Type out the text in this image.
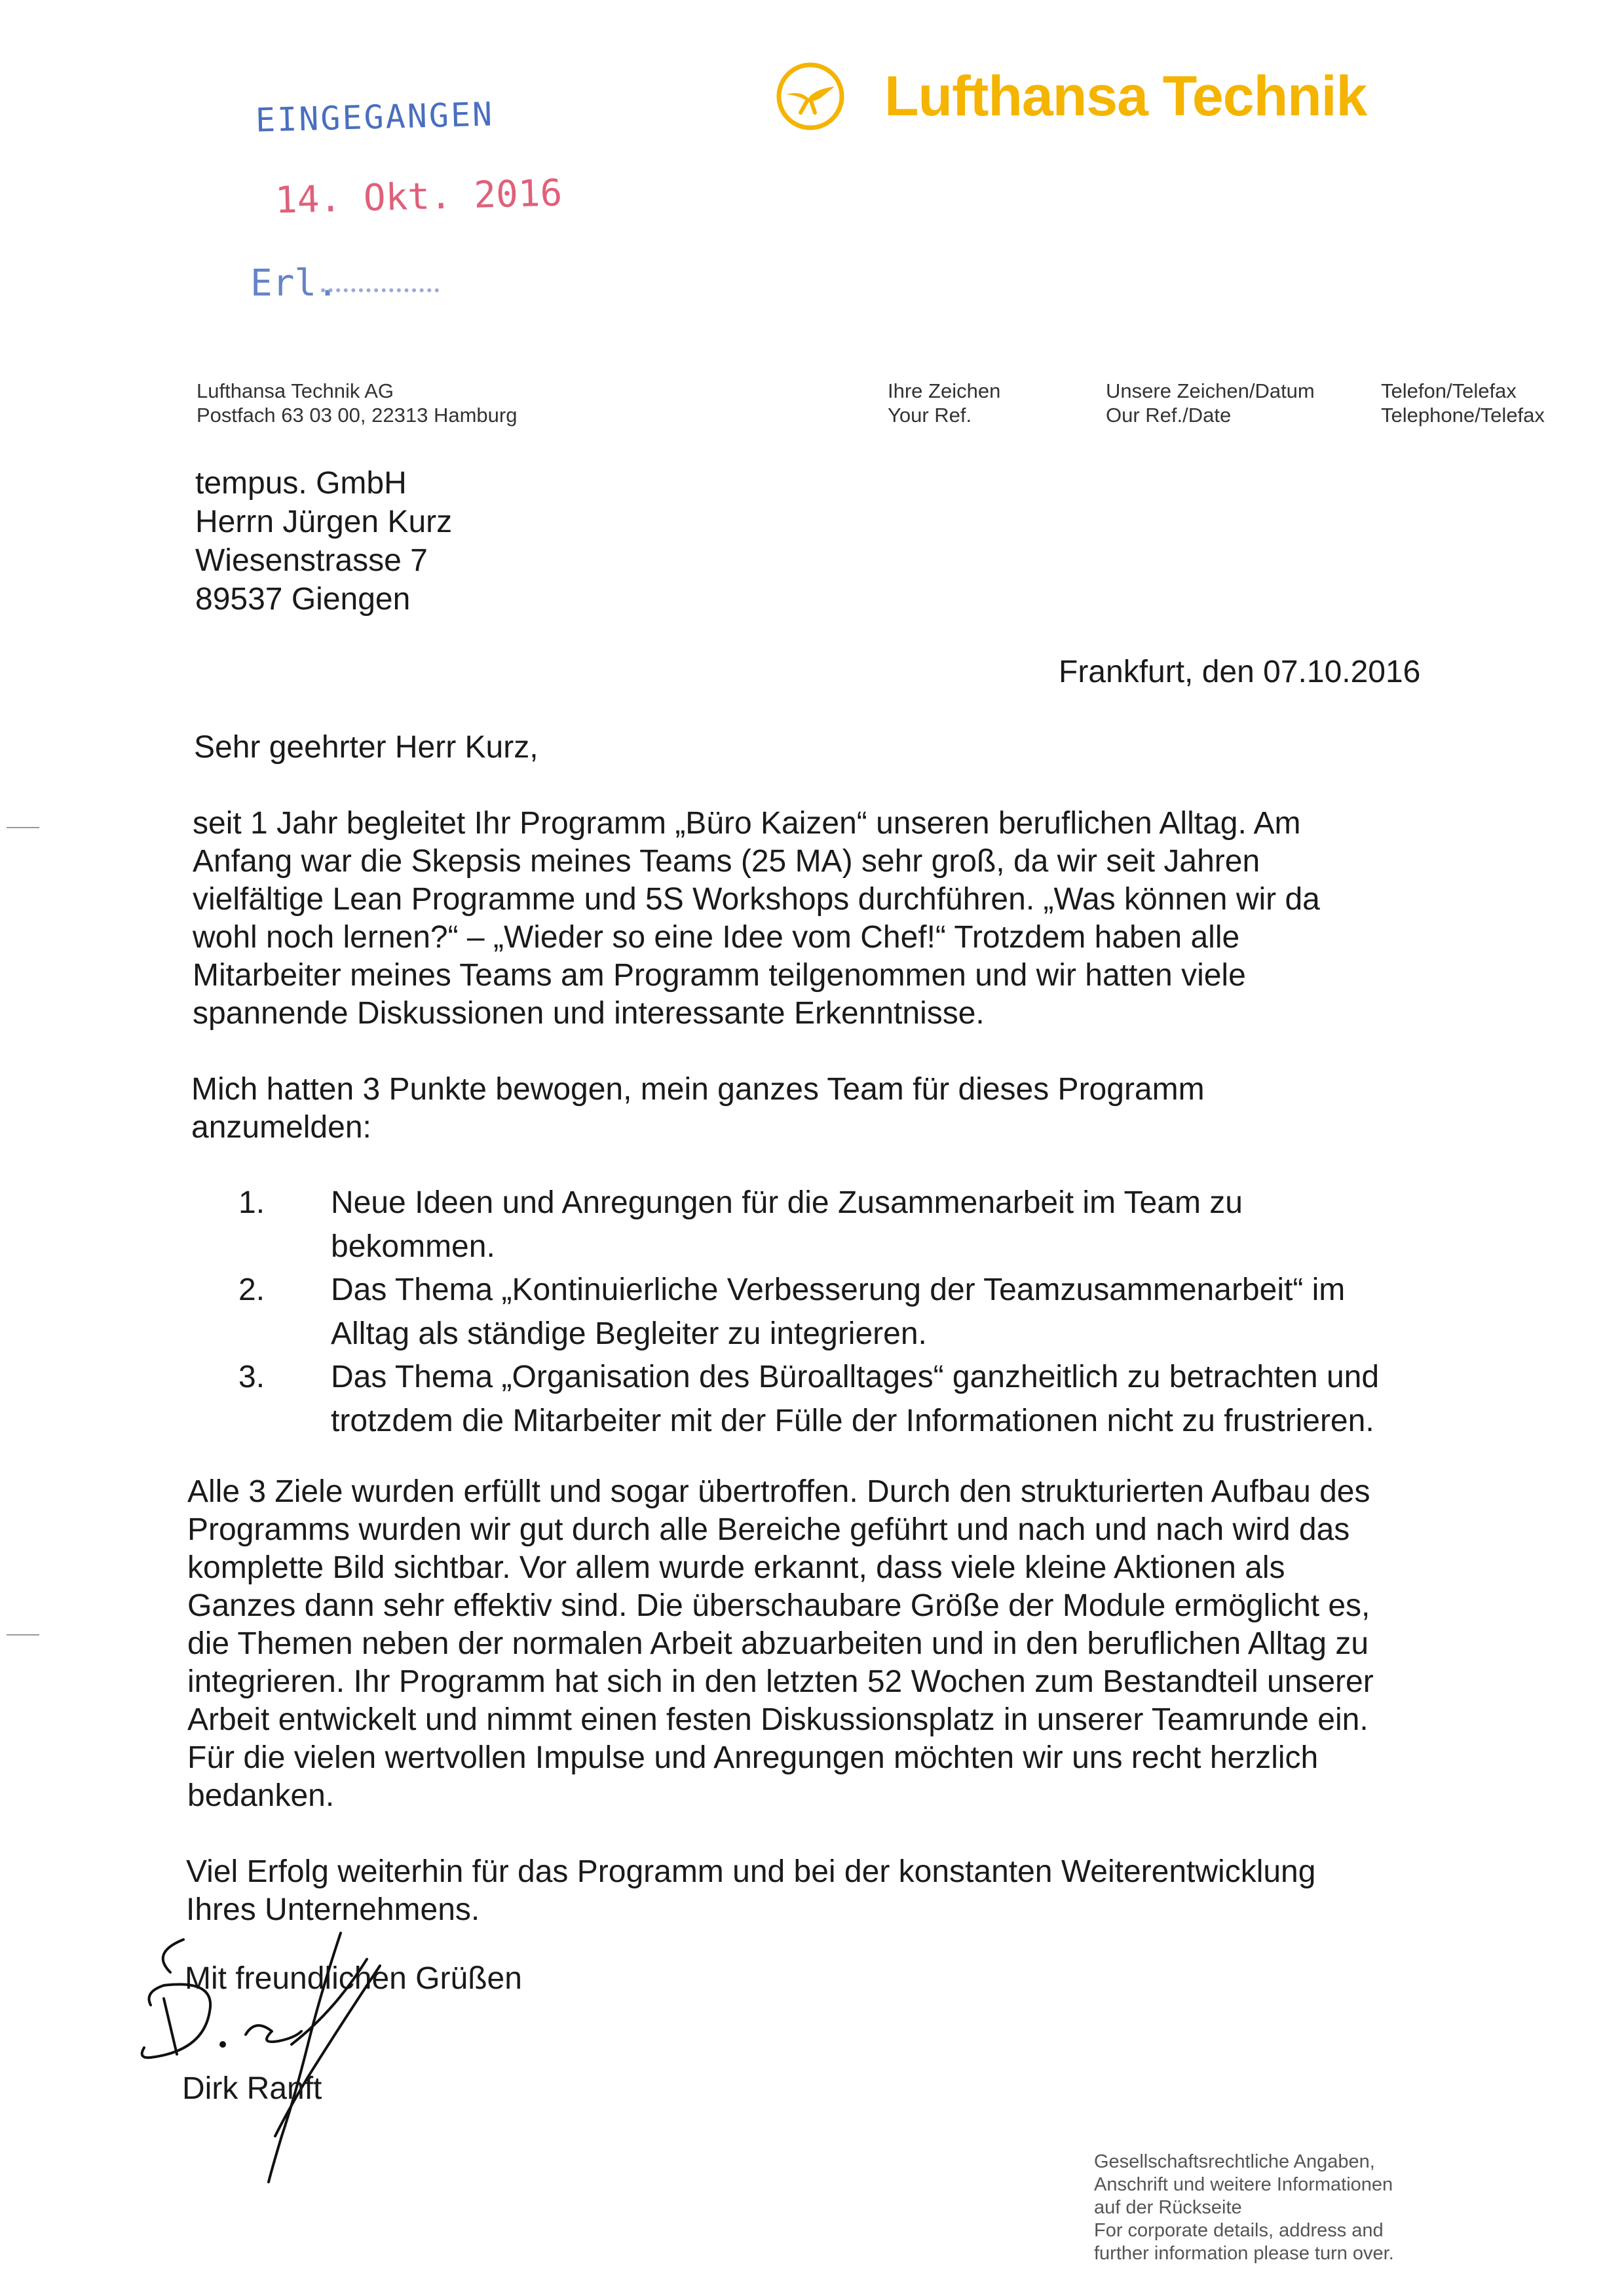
EINGEGANGEN
14. Okt. 2016
Erl.
Lufthansa Technik
Lufthansa Technik AG
Postfach 63 03 00, 22313 Hamburg
Ihre Zeichen
Your Ref.
Unsere Zeichen/Datum
Our Ref./Date
Telefon/Telefax
Telephone/Telefax
tempus. GmbH
Herrn Jürgen Kurz
Wiesenstrasse 7
89537 Giengen
Frankfurt, den 07.10.2016
Sehr geehrter Herr Kurz,
seit 1 Jahr begleitet Ihr Programm „Büro Kaizen“ unseren beruflichen Alltag. Am
Anfang war die Skepsis meines Teams (25 MA) sehr groß, da wir seit Jahren
vielfältige Lean Programme und 5S Workshops durchführen. „Was können wir da
wohl noch lernen?“ – „Wieder so eine Idee vom Chef!“ Trotzdem haben alle
Mitarbeiter meines Teams am Programm teilgenommen und wir hatten viele
spannende Diskussionen und interessante Erkenntnisse.
Mich hatten 3 Punkte bewogen, mein ganzes Team für dieses Programm
anzumelden:
1. Neue Ideen und Anregungen für die Zusammenarbeit im Team zu
bekommen.
2. Das Thema „Kontinuierliche Verbesserung der Teamzusammenarbeit“ im
Alltag als ständige Begleiter zu integrieren.
3. Das Thema „Organisation des Büroalltages“ ganzheitlich zu betrachten und
trotzdem die Mitarbeiter mit der Fülle der Informationen nicht zu frustrieren.
Alle 3 Ziele wurden erfüllt und sogar übertroffen. Durch den strukturierten Aufbau des
Programms wurden wir gut durch alle Bereiche geführt und nach und nach wird das
komplette Bild sichtbar. Vor allem wurde erkannt, dass viele kleine Aktionen als
Ganzes dann sehr effektiv sind. Die überschaubare Größe der Module ermöglicht es,
die Themen neben der normalen Arbeit abzuarbeiten und in den beruflichen Alltag zu
integrieren. Ihr Programm hat sich in den letzten 52 Wochen zum Bestandteil unserer
Arbeit entwickelt und nimmt einen festen Diskussionsplatz in unserer Teamrunde ein.
Für die vielen wertvollen Impulse und Anregungen möchten wir uns recht herzlich
bedanken.
Viel Erfolg weiterhin für das Programm und bei der konstanten Weiterentwicklung
Ihres Unternehmens.
Mit freundlichen Grüßen
Dirk Ranft
Gesellschaftsrechtliche Angaben,
Anschrift und weitere Informationen
auf der Rückseite
For corporate details, address and
further information please turn over.
